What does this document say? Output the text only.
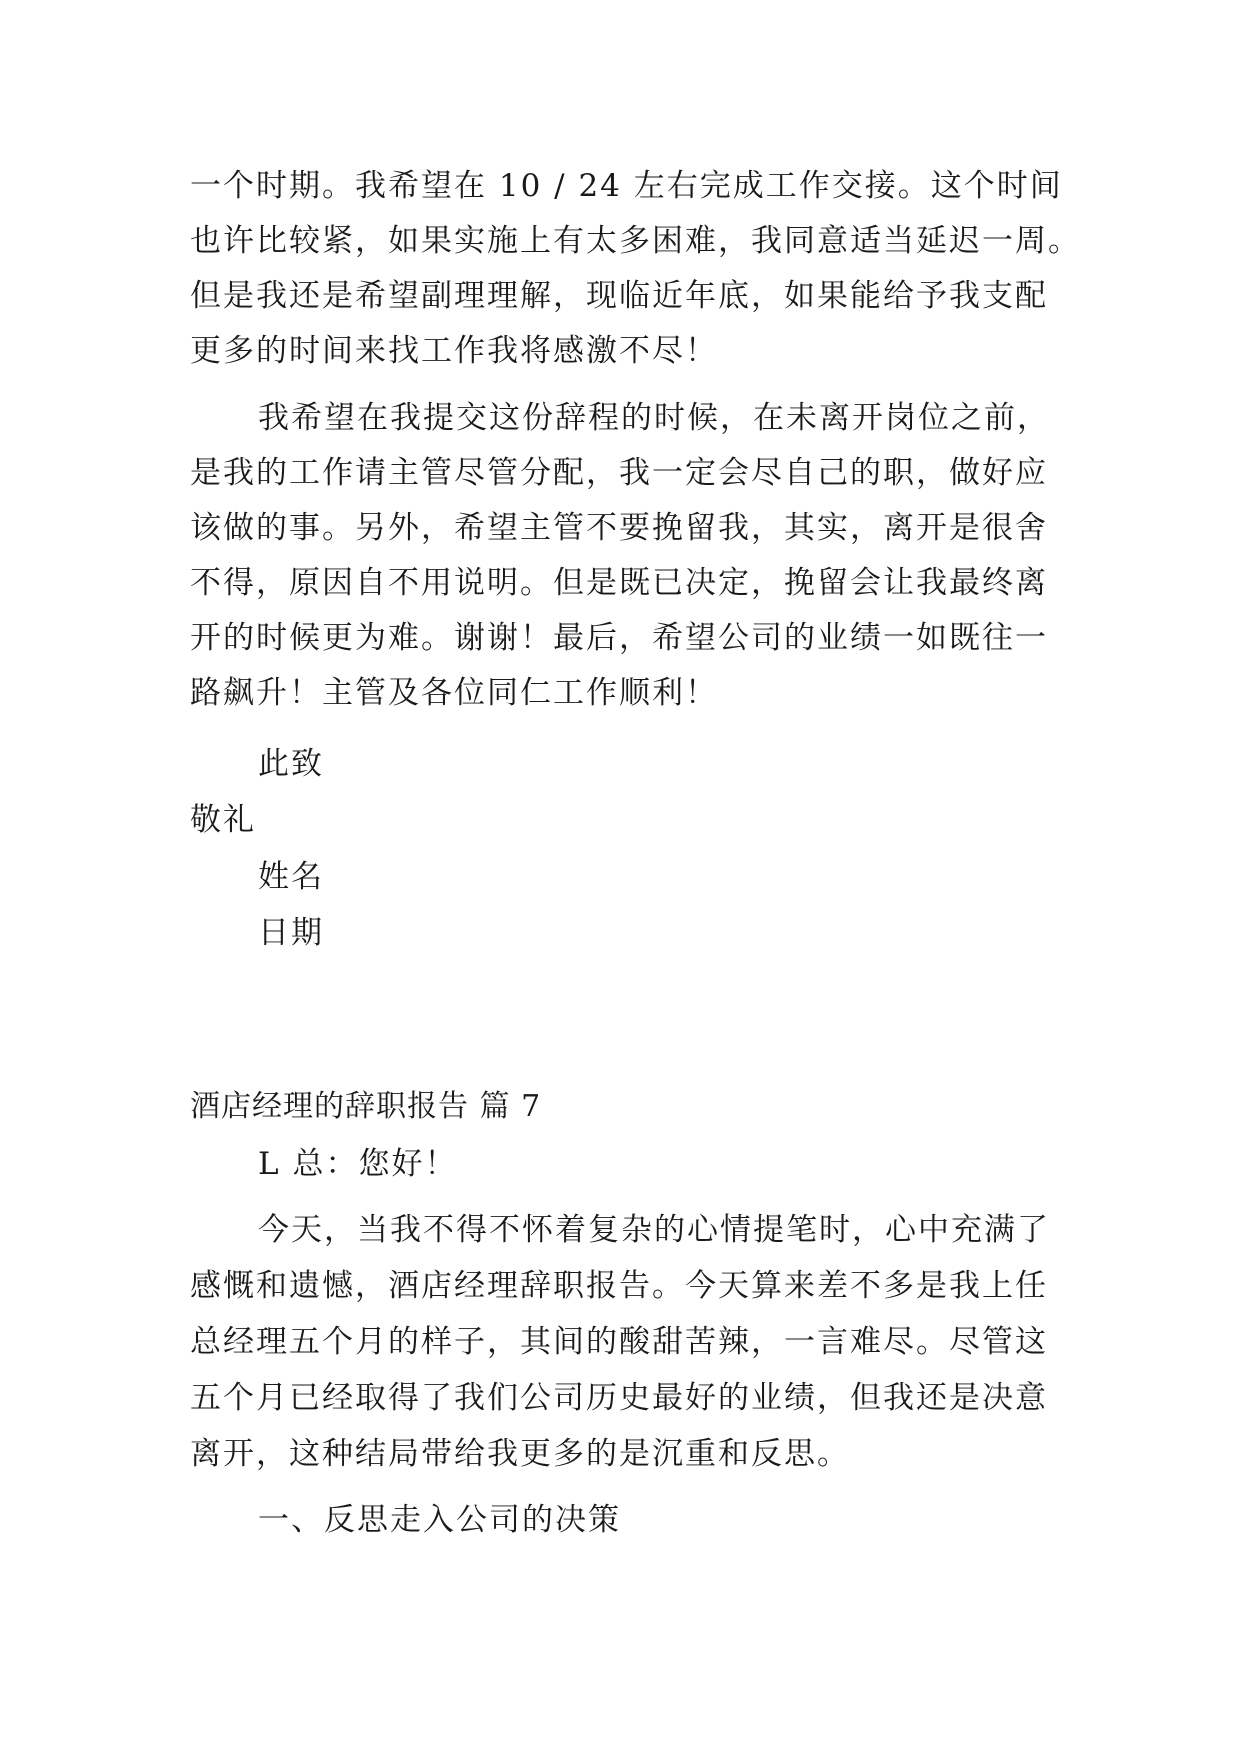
一个时期。我希望在 10 / 24 左右完成工作交接。这个时间

也许比较紧，如果实施上有太多困难，我同意适当延迟一周。

但是我还是希望副理理解，现临近年底，如果能给予我支配

更多的时间来找工作我将感激不尽！

我希望在我提交这份辞程的时候，在未离开岗位之前，

是我的工作请主管尽管分配，我一定会尽自己的职，做好应

该做的事。另外，希望主管不要挽留我，其实，离开是很舍

不得，原因自不用说明。但是既已决定，挽留会让我最终离

开的时候更为难。谢谢！最后，希望公司的业绩一如既往一

路飙升！主管及各位同仁工作顺利！

此致

敬礼

姓名

日期

酒店经理的辞职报告 篇 7

L 总：您好！

今天，当我不得不怀着复杂的心情提笔时，心中充满了

感慨和遗憾，酒店经理辞职报告。今天算来差不多是我上任

总经理五个月的样子，其间的酸甜苦辣，一言难尽。尽管这

五个月已经取得了我们公司历史最好的业绩，但我还是决意

离开，这种结局带给我更多的是沉重和反思。

一、反思走入公司的决策
